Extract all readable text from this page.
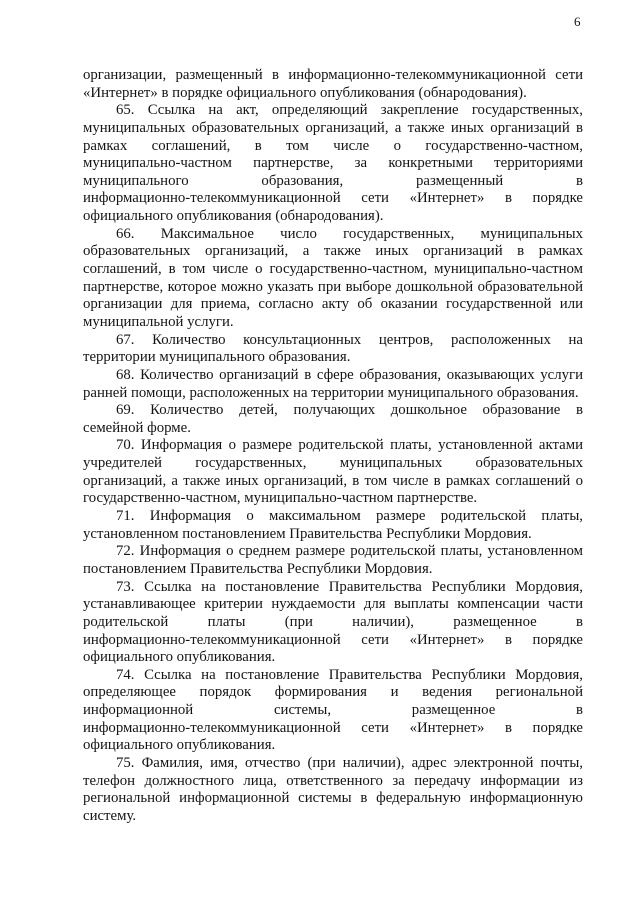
6
организации, размещенный в информационно-телекоммуникационной сети
«Интернет» в порядке официального опубликования (обнародования).
65. Ссылка на акт, определяющий закрепление государственных,
муниципальных образовательных организаций, а также иных организаций в
рамках соглашений, в том числе о государственно-частном,
муниципально-частном партнерстве, за конкретными территориями
муниципального образования, размещенный в
информационно-телекоммуникационной сети «Интернет» в порядке
официального опубликования (обнародования).
66. Максимальное число государственных, муниципальных
образовательных организаций, а также иных организаций в рамках
соглашений, в том числе о государственно-частном, муниципально-частном
партнерстве, которое можно указать при выборе дошкольной образовательной
организации для приема, согласно акту об оказании государственной или
муниципальной услуги.
67. Количество консультационных центров, расположенных на
территории муниципального образования.
68. Количество организаций в сфере образования, оказывающих услуги
ранней помощи, расположенных на территории муниципального образования.
69. Количество детей, получающих дошкольное образование в
семейной форме.
70. Информация о размере родительской платы, установленной актами
учредителей государственных, муниципальных образовательных
организаций, а также иных организаций, в том числе в рамках соглашений о
государственно-частном, муниципально-частном партнерстве.
71. Информация о максимальном размере родительской платы,
установленном постановлением Правительства Республики Мордовия.
72. Информация о среднем размере родительской платы, установленном
постановлением Правительства Республики Мордовия.
73. Ссылка на постановление Правительства Республики Мордовия,
устанавливающее критерии нуждаемости для выплаты компенсации части
родительской платы (при наличии), размещенное в
информационно-телекоммуникационной сети «Интернет» в порядке
официального опубликования.
74. Ссылка на постановление Правительства Республики Мордовия,
определяющее порядок формирования и ведения региональной
информационной системы, размещенное в
информационно-телекоммуникационной сети «Интернет» в порядке
официального опубликования.
75. Фамилия, имя, отчество (при наличии), адрес электронной почты,
телефон должностного лица, ответственного за передачу информации из
региональной информационной системы в федеральную информационную
систему.
